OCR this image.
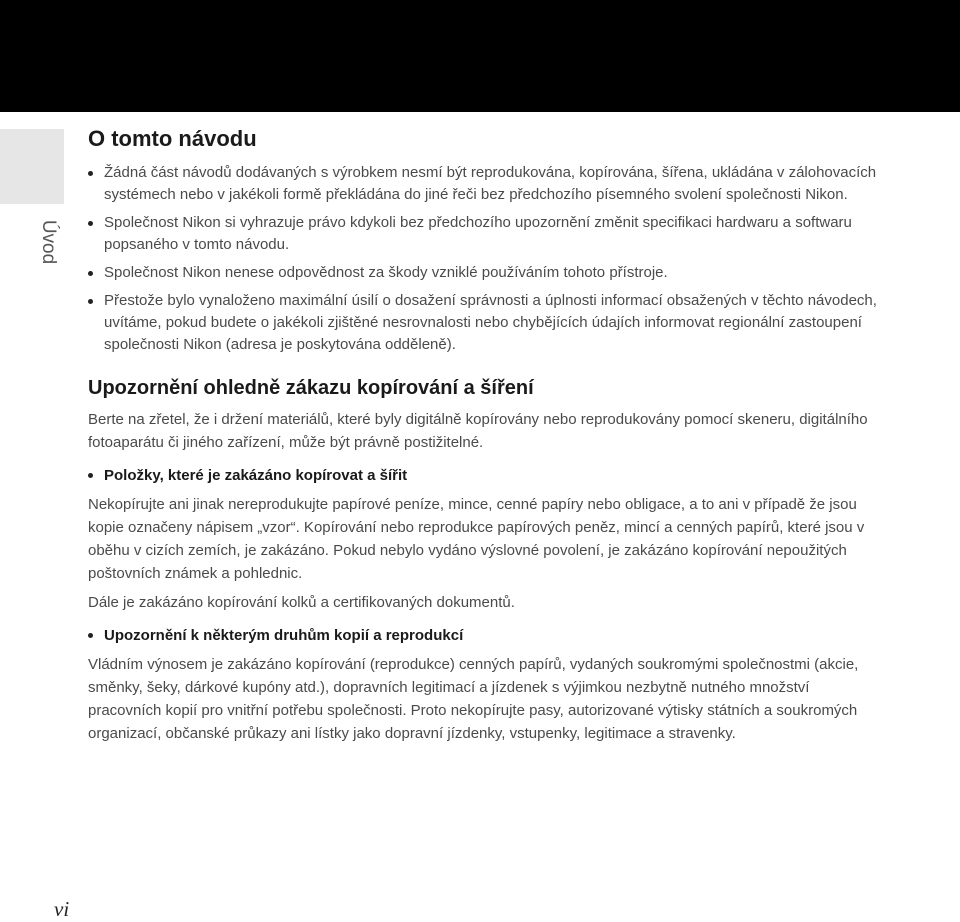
Úvod
O tomto návodu
Žádná část návodů dodávaných s výrobkem nesmí být reprodukována, kopírována, šířena, ukládána v zálohovacích systémech nebo v jakékoli formě překládána do jiné řeči bez předchozího písemného svolení společnosti Nikon.
Společnost Nikon si vyhrazuje právo kdykoli bez předchozího upozornění změnit specifikaci hardwaru a softwaru popsaného v tomto návodu.
Společnost Nikon nenese odpovědnost za škody vzniklé používáním tohoto přístroje.
Přestože bylo vynaloženo maximální úsilí o dosažení správnosti a úplnosti informací obsažených v těchto návodech, uvítáme, pokud budete o jakékoli zjištěné nesrovnalosti nebo chybějících údajích informovat regionální zastoupení společnosti Nikon (adresa je poskytována odděleně).
Upozornění ohledně zákazu kopírování a šíření

Berte na zřetel, že i držení materiálů, které byly digitálně kopírovány nebo reprodukovány pomocí skeneru, digitálního fotoaparátu či jiného zařízení, může být právně postižitelné.

Položky, které je zakázáno kopírovat a šířit

Nekopírujte ani jinak nereprodukujte papírové peníze, mince, cenné papíry nebo obligace, a to ani v případě že jsou kopie označeny nápisem „vzor“. Kopírování nebo reprodukce papírových peněz, mincí a cenných papírů, které jsou v oběhu v cizích zemích, je zakázáno. Pokud nebylo vydáno výslovné povolení, je zakázáno kopírování nepoužitých poštovních známek a pohlednic.

Dále je zakázáno kopírování kolků a certifikovaných dokumentů.

Upozornění k některým druhům kopií a reprodukcí

Vládním výnosem je zakázáno kopírování (reprodukce) cenných papírů, vydaných soukromými společnostmi (akcie, směnky, šeky, dárkové kupóny atd.), dopravních legitimací a jízdenek s výjimkou nezbytně nutného množství pracovních kopií pro vnitřní potřebu společnosti. Proto nekopírujte pasy, autorizované výtisky státních a soukromých organizací, občanské průkazy ani lístky jako dopravní jízdenky, vstupenky, legitimace a stravenky.

vi
